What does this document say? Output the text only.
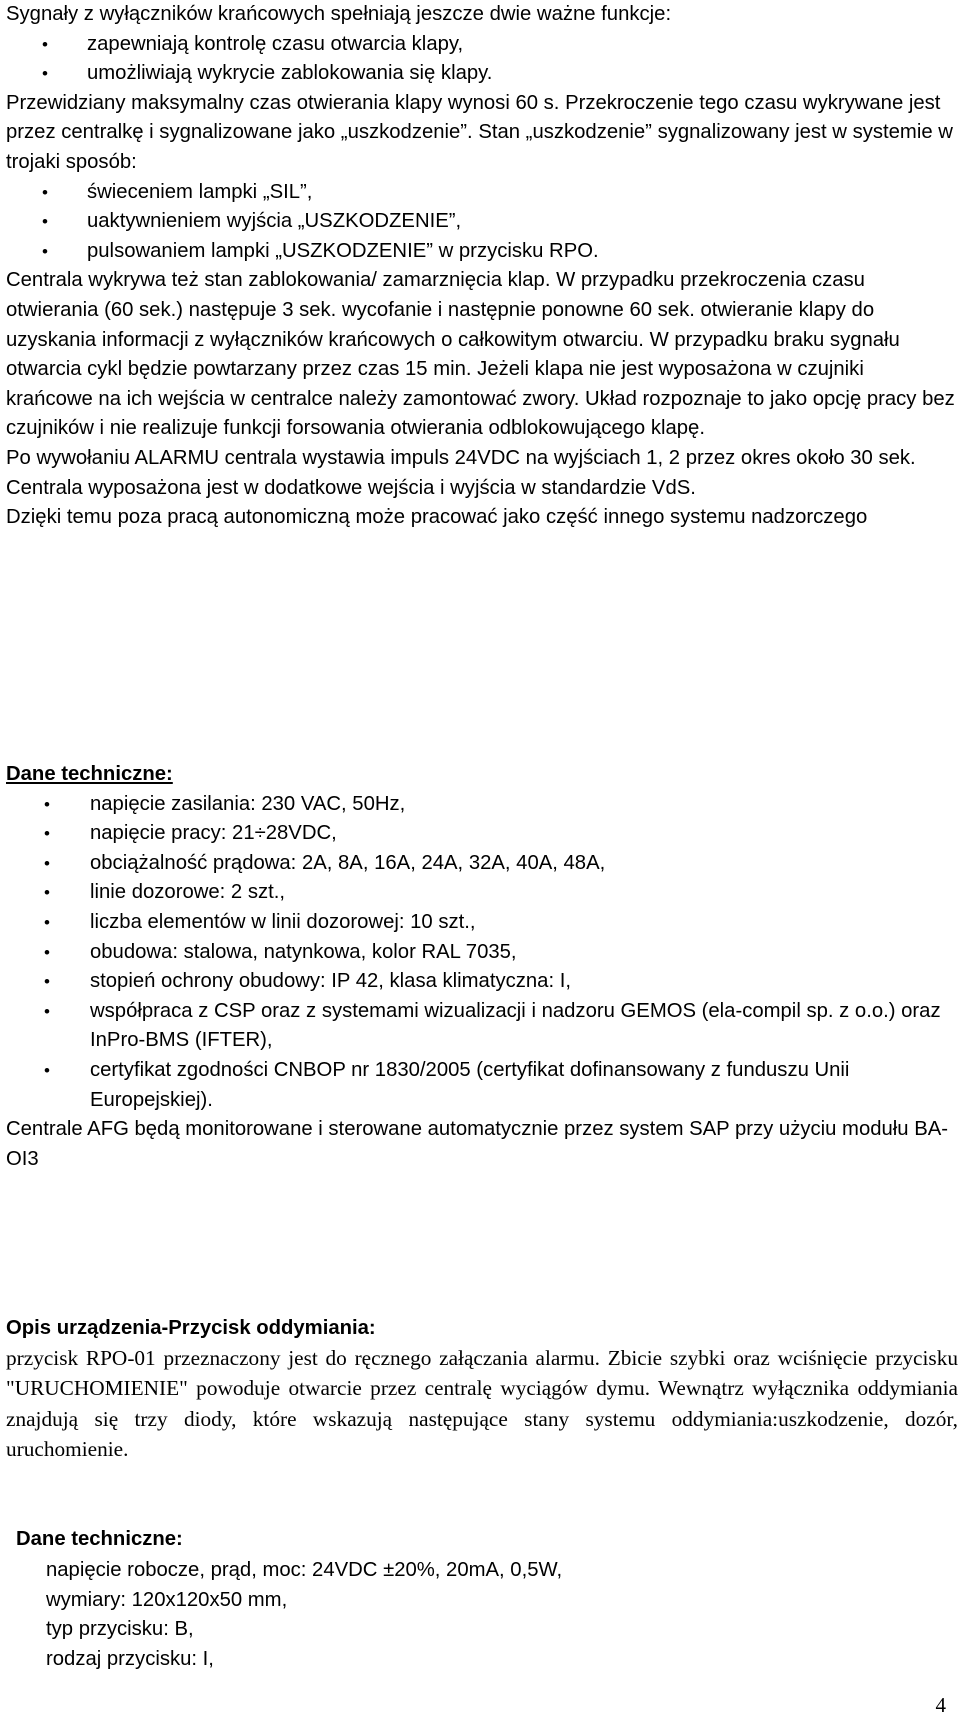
Sygnały z wyłączników krańcowych spełniają jeszcze dwie ważne funkcje:

• zapewniają kontrolę czasu otwarcia klapy,
• umożliwiają wykrycie zablokowania się klapy.

Przewidziany maksymalny czas otwierania klapy wynosi 60 s. Przekroczenie tego czasu wykrywane jest przez centralkę i sygnalizowane jako „uszkodzenie”. Stan „uszkodzenie” sygnalizowany jest w systemie w trojaki sposób:

• świeceniem lampki „SIL”,
• uaktywnieniem wyjścia „USZKODZENIE”,
• pulsowaniem lampki „USZKODZENIE” w przycisku RPO.

Centrala wykrywa też stan zablokowania/ zamarznięcia klap. W przypadku przekroczenia czasu otwierania (60 sek.) następuje 3 sek. wycofanie i następnie ponowne 60 sek. otwieranie klapy do uzyskania informacji z wyłączników krańcowych o całkowitym otwarciu. W przypadku braku sygnału otwarcia cykl będzie powtarzany przez czas 15 min. Jeżeli klapa nie jest wyposażona w czujniki krańcowe na ich wejścia w centralce należy zamontować zwory. Układ rozpoznaje to jako opcję pracy bez czujników i nie realizuje funkcji forsowania otwierania odblokowującego klapę.

Po wywołaniu ALARMU centrala wystawia impuls 24VDC na wyjściach 1, 2 przez okres około 30 sek.

Centrala wyposażona jest w dodatkowe wejścia i wyjścia w standardzie VdS.

Dzięki temu poza pracą autonomiczną może pracować jako część innego systemu nadzorczego

Dane techniczne:

• napięcie zasilania: 230 VAC, 50Hz,
• napięcie pracy: 21÷28VDC,
• obciążalność prądowa: 2A, 8A, 16A, 24A, 32A, 40A, 48A,
• linie dozorowe: 2 szt.,
• liczba elementów w linii dozorowej: 10 szt.,
• obudowa: stalowa, natynkowa, kolor RAL 7035,
• stopień ochrony obudowy: IP 42, klasa klimatyczna: I,
• współpraca z CSP oraz z systemami wizualizacji i nadzoru GEMOS (ela-compil sp. z o.o.) oraz InPro-BMS (IFTER),
• certyfikat zgodności CNBOP nr 1830/2005 (certyfikat dofinansowany z funduszu Unii Europejskiej).

Centrale AFG będą monitorowane i sterowane automatycznie przez system SAP przy użyciu modułu BA-OI3

Opis urządzenia-Przycisk oddymiania:

przycisk RPO-01 przeznaczony jest do ręcznego załączania alarmu. Zbicie szybki oraz wciśnięcie przycisku "URUCHOMIENIE" powoduje otwarcie przez centralę wyciągów dymu. Wewnątrz wyłącznika oddymiania znajdują się trzy diody, które wskazują następujące stany systemu oddymiania:uszkodzenie, dozór, uruchomienie.

Dane techniczne:

napięcie robocze, prąd, moc: 24VDC ±20%, 20mA, 0,5W,

wymiary: 120x120x50 mm,

typ przycisku: B,

rodzaj przycisku: I,

4
